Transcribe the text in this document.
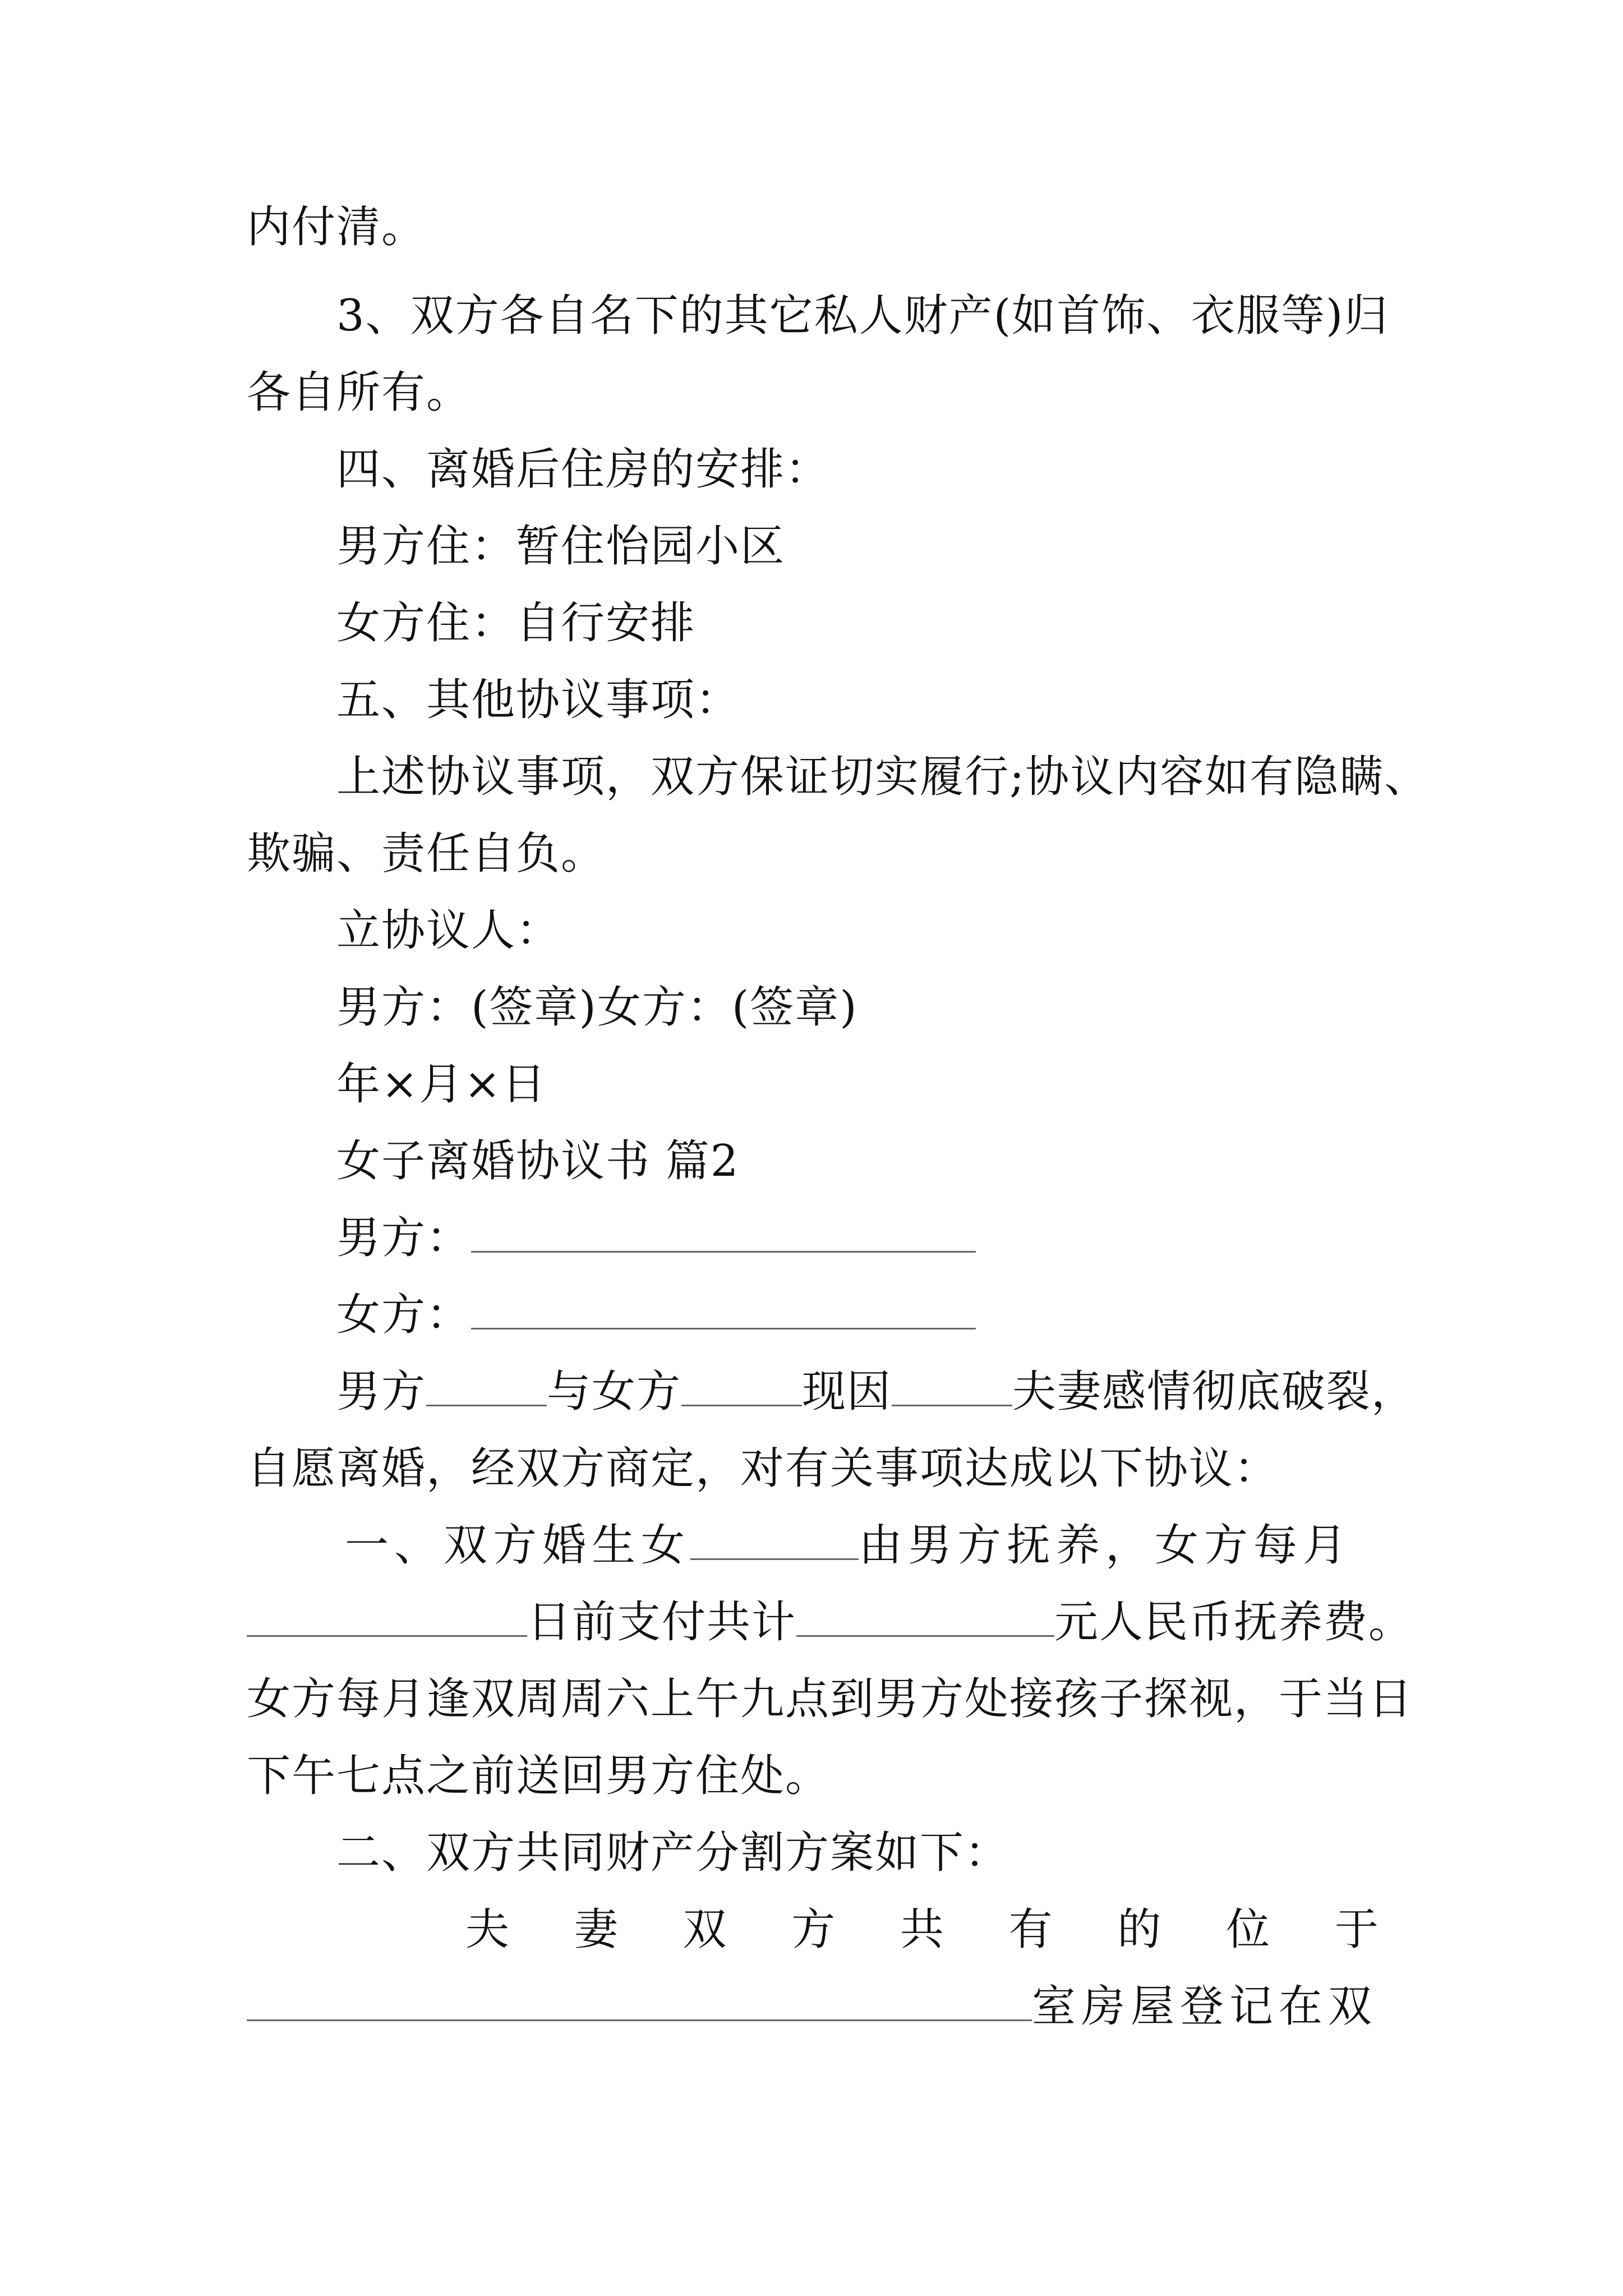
内付清。
3、双方各自名下的其它私人财产(如首饰、衣服等)归
各自所有。
四、离婚后住房的安排：
男方住：暂住怡园小区
女方住：自行安排
五、其他协议事项：
上述协议事项，双方保证切实履行;协议内容如有隐瞒、
欺骗、责任自负。
立协议人：
男方：(签章)女方：(签章)
年×月×日
女子离婚协议书 篇2
男方：
女方：
男方	与女方	现因	夫妻感情彻底破裂，
自愿离婚，经双方商定，对有关事项达成以下协议：
一、双方婚生女	由男方抚养，女方每月
日前支付共计	元人民币抚养费。
女方每月逢双周周六上午九点到男方处接孩子探视，于当日
下午七点之前送回男方住处。
二、双方共同财产分割方案如下：
夫 妻 双 方 共 有 的 位 于
室房屋登记在双
